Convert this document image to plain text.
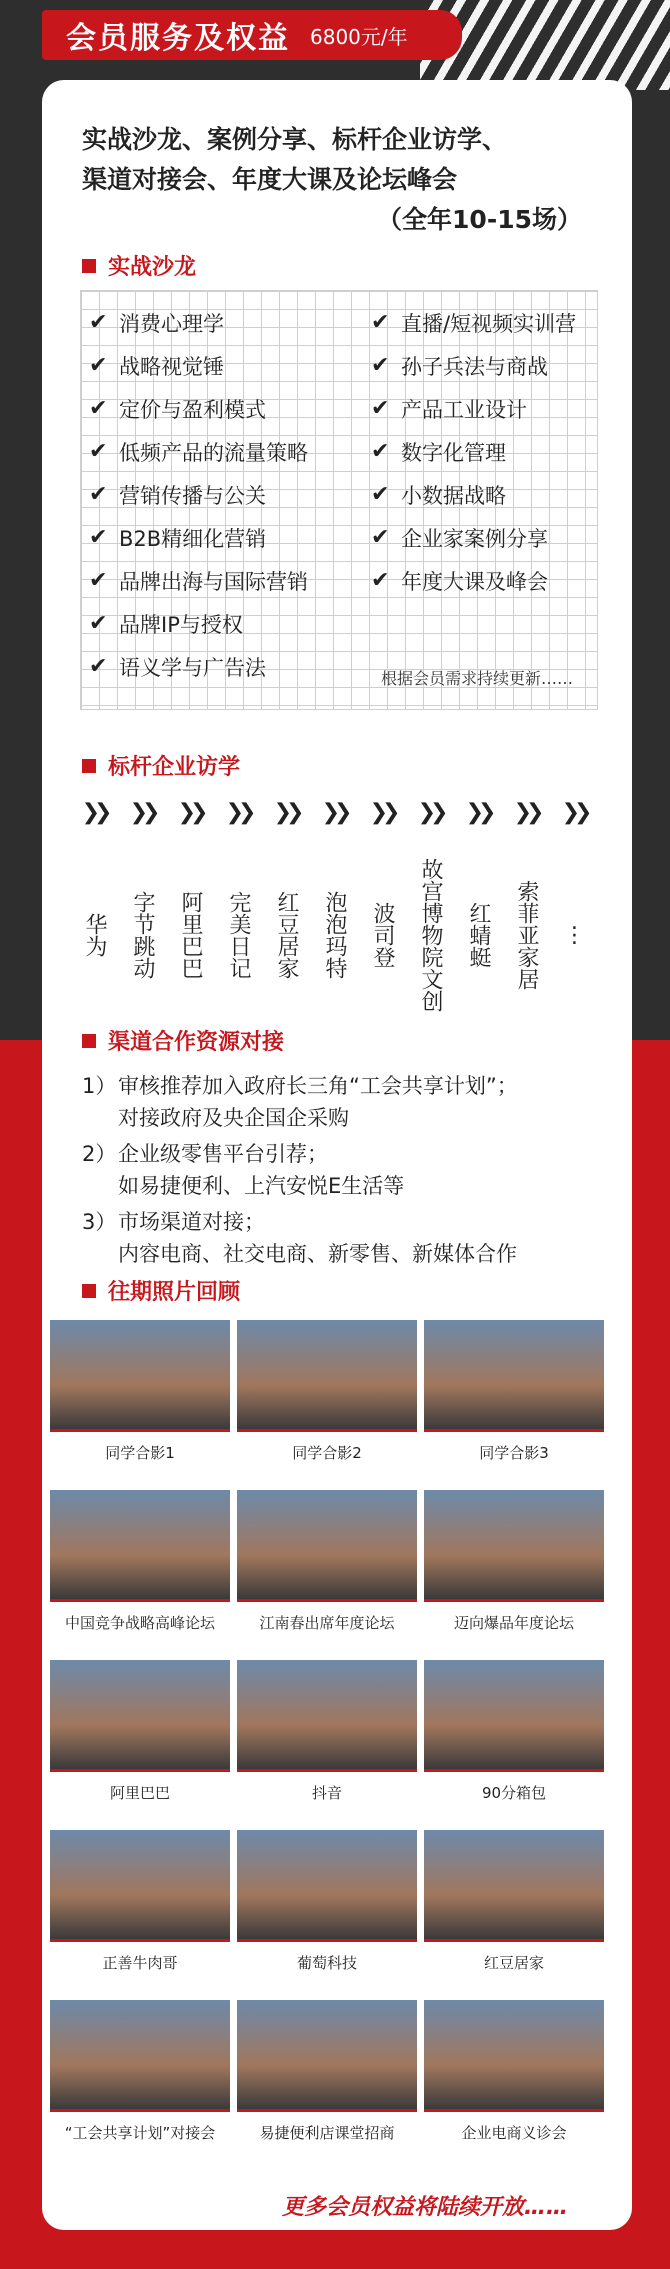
会员服务及权益 6800元/年
实战沙龙、案例分享、标杆企业访学、
渠道对接会、年度大课及论坛峰会
（全年10-15场）
实战沙龙
✔ 消费心理学
✔ 战略视觉锤
✔ 定价与盈利模式
✔ 低频产品的流量策略
✔ 营销传播与公关
✔ B2B精细化营销
✔ 品牌出海与国际营销
✔ 品牌IP与授权
✔ 语义学与广告法
✔ 直播/短视频实训营
✔ 孙子兵法与商战
✔ 产品工业设计
✔ 数字化管理
✔ 小数据战略
✔ 企业家案例分享
✔ 年度大课及峰会
根据会员需求持续更新……
标杆企业访学
❯❯
华为
❯❯
字节跳动
❯❯
阿里巴巴
❯❯
完美日记
❯❯
红豆居家
❯❯
泡泡玛特
❯❯
波司登
❯❯
故宫博物院文创
❯❯
红蜻蜓
❯❯
索菲亚家居
❯❯
⋮
渠道合作资源对接
1） 审核推荐加入政府长三角“工会共享计划”；
对接政府及央企国企采购
2） 企业级零售平台引荐；
如易捷便利、上汽安悦E生活等
3） 市场渠道对接；
内容电商、社交电商、新零售、新媒体合作
往期照片回顾
同学合影1	同学合影2	同学合影3
中国竞争战略高峰论坛	江南春出席年度论坛	迈向爆品年度论坛
阿里巴巴	抖音	90分箱包
正善牛肉哥	葡萄科技	红豆居家
“工会共享计划”对接会	易捷便利店课堂招商	企业电商义诊会
更多会员权益将陆续开放……
